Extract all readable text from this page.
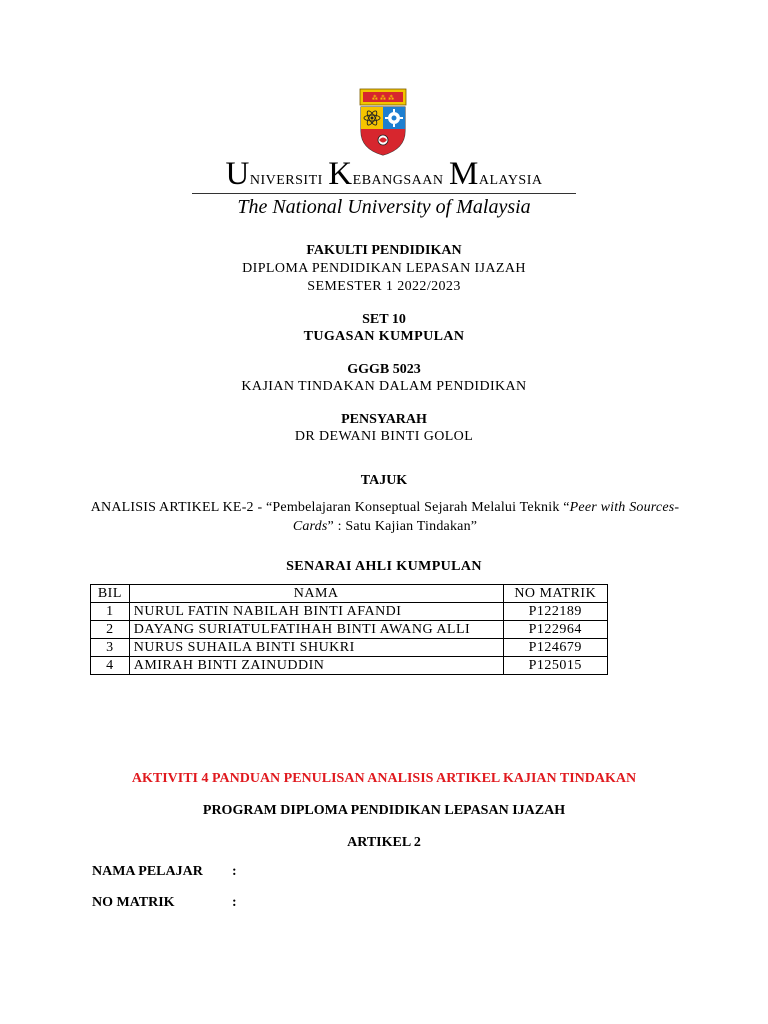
⁂ ⁂ ⁂
Universiti Kebangsaan Malaysia
The National University of Malaysia
FAKULTI PENDIDIKAN
DIPLOMA PENDIDIKAN LEPASAN IJAZAH
SEMESTER 1 2022/2023
SET 10
TUGASAN KUMPULAN
GGGB 5023
KAJIAN TINDAKAN DALAM PENDIDIKAN
PENSYARAH
DR DEWANI BINTI GOLOL
TAJUK
ANALISIS ARTIKEL KE-2 - “Pembelajaran Konseptual Sejarah Melalui Teknik “Peer with Sources-Cards” : Satu Kajian Tindakan”
SENARAI AHLI KUMPULAN
BIL	NAMA	NO MATRIK
1	NURUL FATIN NABILAH BINTI AFANDI	P122189
2	DAYANG SURIATULFATIHAH BINTI AWANG ALLI	P122964
3	NURUS SUHAILA BINTI SHUKRI	P124679
4	AMIRAH BINTI ZAINUDDIN	P125015
AKTIVITI 4 PANDUAN PENULISAN ANALISIS ARTIKEL KAJIAN TINDAKAN
PROGRAM DIPLOMA PENDIDIKAN LEPASAN IJAZAH
ARTIKEL 2
NAMA PELAJAR :
NO MATRIK	:
